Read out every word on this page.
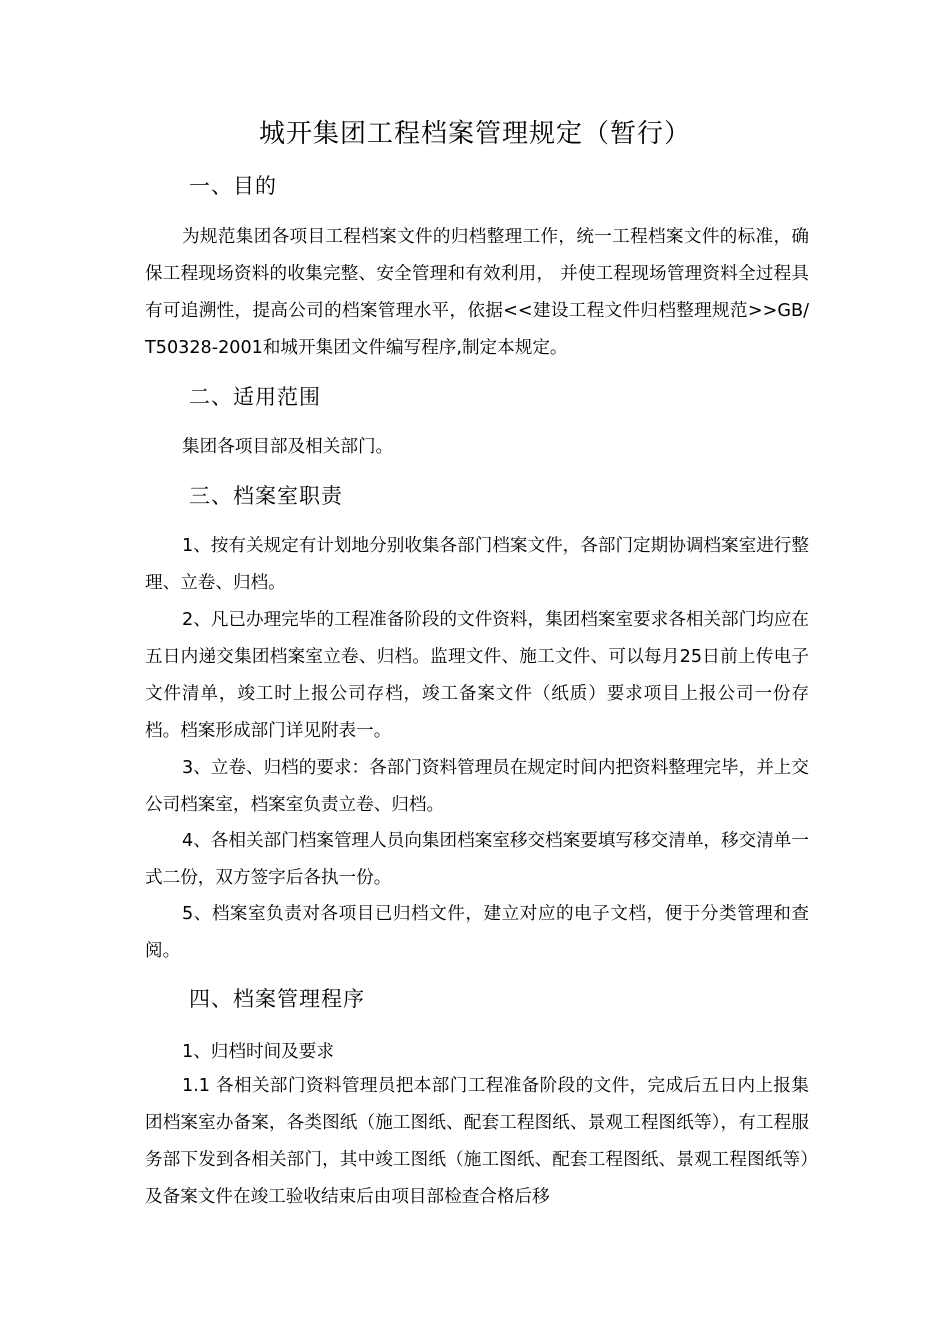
城开集团工程档案管理规定（暂行）
一、目的

为规范集团各项目工程档案文件的归档整理工作，统一工程档案文件的标准，确保工程现场资料的收集完整、安全管理和有效利用， 并使工程现场管理资料全过程具有可追溯性，提高公司的档案管理水平，依据<<建设工程文件归档整理规范>>GB/T50328-2001和城开集团文件编写程序,制定本规定。

二、适用范围
集团各项目部及相关部门。
三、档案室职责

1、按有关规定有计划地分别收集各部门档案文件，各部门定期协调档案室进行整理、立卷、归档。

2、凡已办理完毕的工程准备阶段的文件资料，集团档案室要求各相关部门均应在五日内递交集团档案室立卷、归档。监理文件、施工文件、可以每月25日前上传电子文件清单，竣工时上报公司存档，竣工备案文件（纸质）要求项目上报公司一份存档。档案形成部门详见附表一。

3、立卷、归档的要求：各部门资料管理员在规定时间内把资料整理完毕，并上交公司档案室，档案室负责立卷、归档。

4、各相关部门档案管理人员向集团档案室移交档案要填写移交清单，移交清单一式二份，双方签字后各执一份。

5、档案室负责对各项目已归档文件，建立对应的电子文档，便于分类管理和查阅。

四、档案管理程序
1、归档时间及要求

1.1 各相关部门资料管理员把本部门工程准备阶段的文件，完成后五日内上报集团档案室办备案，各类图纸（施工图纸、配套工程图纸、景观工程图纸等），有工程服务部下发到各相关部门，其中竣工图纸（施工图纸、配套工程图纸、景观工程图纸等）及备案文件在竣工验收结束后由项目部检查合格后移
